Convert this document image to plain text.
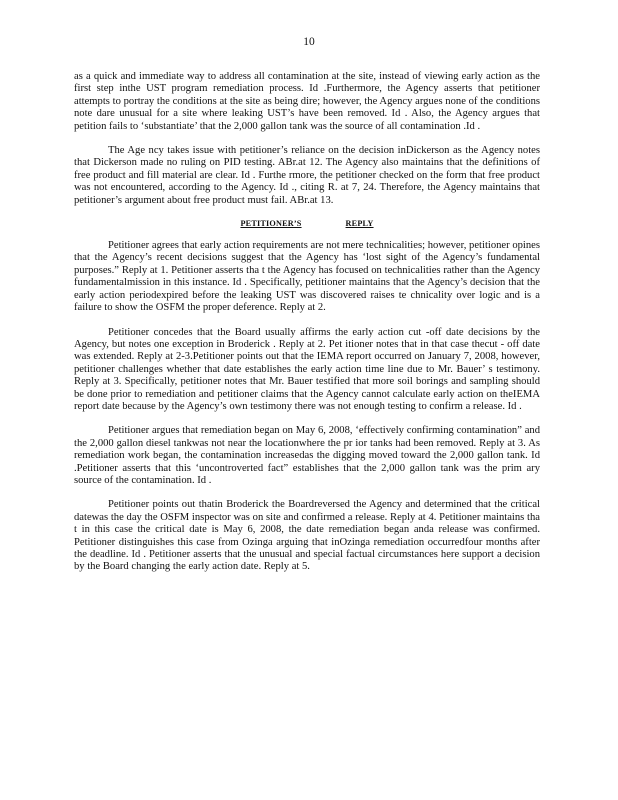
10

as a quick and immediate way to address all contamination at the site, instead of viewing early action as the first step inthe UST program remediation process. Id .Furthermore, the Agency asserts that petitioner attempts to portray the conditions at the site as being dire; however, the Agency argues none of the conditions note dare unusual for a site where leaking UST’s have been removed. Id . Also, the Agency argues that petition fails to ‘substantiate’ that the 2,000 gallon tank was the source of all contamination .Id .

The Age ncy takes issue with petitioner’s reliance on the decision inDickerson as the Agency notes that Dickerson made no ruling on PID testing. ABr.at 12. The Agency also maintains that the definitions of free product and fill material are clear. Id . Furthe rmore, the petitioner checked on the form that free product was not encountered, according to the Agency. Id ., citing R. at 7, 24. Therefore, the Agency maintains that petitioner’s argument about free product must fail. ABr.at 13.

PETITIONER’S	REPLY

Petitioner agrees that early action requirements are not mere technicalities; however, petitioner opines that the Agency’s recent decisions suggest that the Agency has ‘lost sight of the Agency’s fundamental purposes.” Reply at 1. Petitioner asserts tha t the Agency has focused on technicalities rather than the Agency fundamentalmission in this instance. Id . Specifically, petitioner maintains that the Agency’s decision that the early action periodexpired before the leaking UST was discovered raises te chnicality over logic and is a failure to show the OSFM the proper deference. Reply at 2.

Petitioner concedes that the Board usually affirms the early action cut -off date decisions by the Agency, but notes one exception in Broderick . Reply at 2. Pet itioner notes that in that case thecut - off date was extended. Reply at 2-3.Petitioner points out that the IEMA report occurred on January 7, 2008, however, petitioner challenges whether that date establishes the early action time line due to Mr. Bauer’ s testimony. Reply at 3. Specifically, petitioner notes that Mr. Bauer testified that more soil borings and sampling should be done prior to remediation and petitioner claims that the Agency cannot calculate early action on theIEMA report date because by the Agency’s own testimony there was not enough testing to confirm a release. Id .

Petitioner argues that remediation began on May 6, 2008, ‘effectively confirming contamination” and the 2,000 gallon diesel tankwas not near the locationwhere the pr ior tanks had been removed. Reply at 3. As remediation work began, the contamination increasedas the digging moved toward the 2,000 gallon tank. Id .Petitioner asserts that this ‘uncontroverted fact” establishes that the 2,000 gallon tank was the prim ary source of the contamination. Id .

Petitioner points out thatin Broderick the Boardreversed the Agency and determined that the critical datewas the day the OSFM inspector was on site and confirmed a release. Reply at 4. Petitioner maintains tha t in this case the critical date is May 6, 2008, the date remediation began anda release was confirmed. Petitioner distinguishes this case from Ozinga arguing that inOzinga remediation occurredfour months after the deadline. Id . Petitioner asserts that the unusual and special factual circumstances here support a decision by the Board changing the early action date. Reply at 5.
